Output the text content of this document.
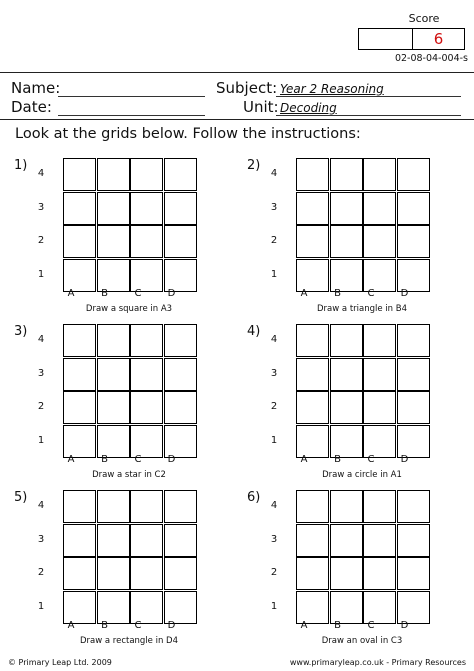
Score
6
02-08-04-004-s
Name:	Subject: Year 2 Reasoning
Date:	Unit: Decoding
Look at the grids below. Follow the instructions:
1)
4
3
2
1
A	B	C	D
Draw a square in A3
2)
4
3
2
1
A	B	C	D
Draw a triangle in B4
3)
4
3
2
1
A	B	C	D
Draw a star in C2
4)
4
3
2
1
A	B	C	D
Draw a circle in A1
5)
4
3
2
1
A	B	C	D
Draw a rectangle in D4
6)
4
3
2
1
A	B	C	D
Draw an oval in C3
© Primary Leap Ltd. 2009	www.primaryleap.co.uk - Primary Resources
